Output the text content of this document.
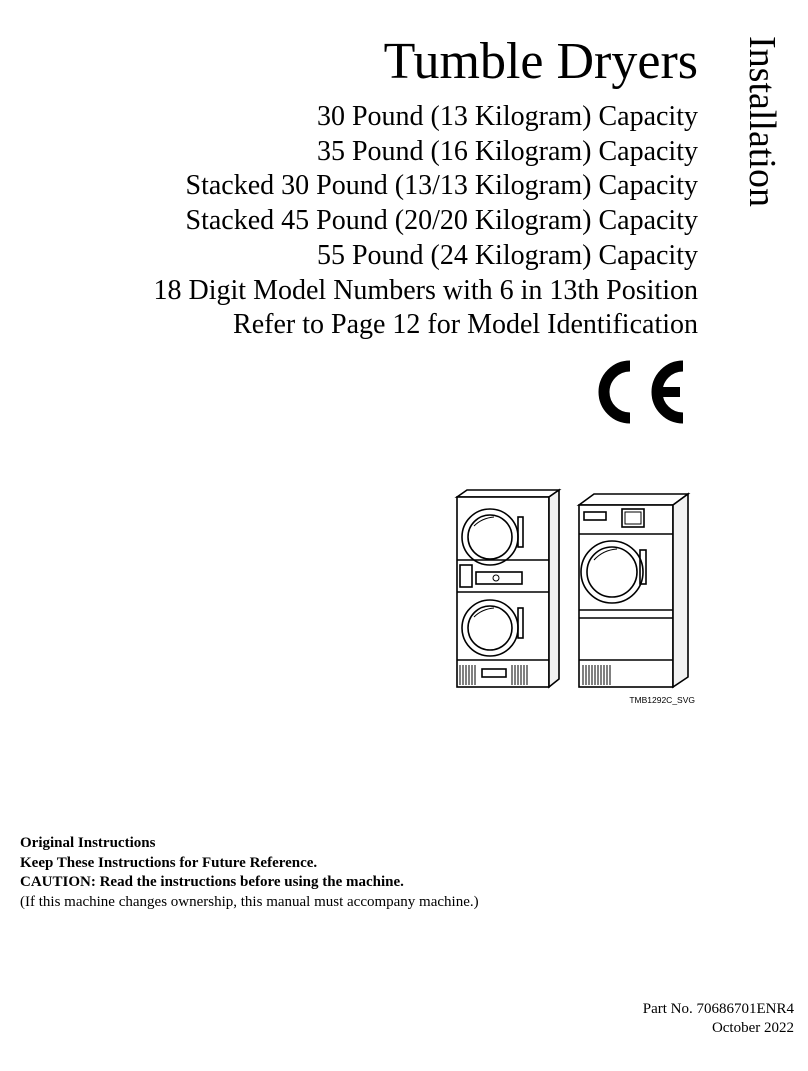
Tumble Dryers
30 Pound (13 Kilogram) Capacity
35 Pound (16 Kilogram) Capacity
Stacked 30 Pound (13/13 Kilogram) Capacity
Stacked 45 Pound (20/20 Kilogram) Capacity
55 Pound (24 Kilogram) Capacity
18 Digit Model Numbers with 6 in 13th Position
Refer to Page 12 for Model Identification
Installation
TMB1292C_SVG
Original Instructions
Keep These Instructions for Future Reference.
CAUTION: Read the instructions before using the machine.
(If this machine changes ownership, this manual must accompany machine.)
Part No. 70686701ENR4
October 2022
